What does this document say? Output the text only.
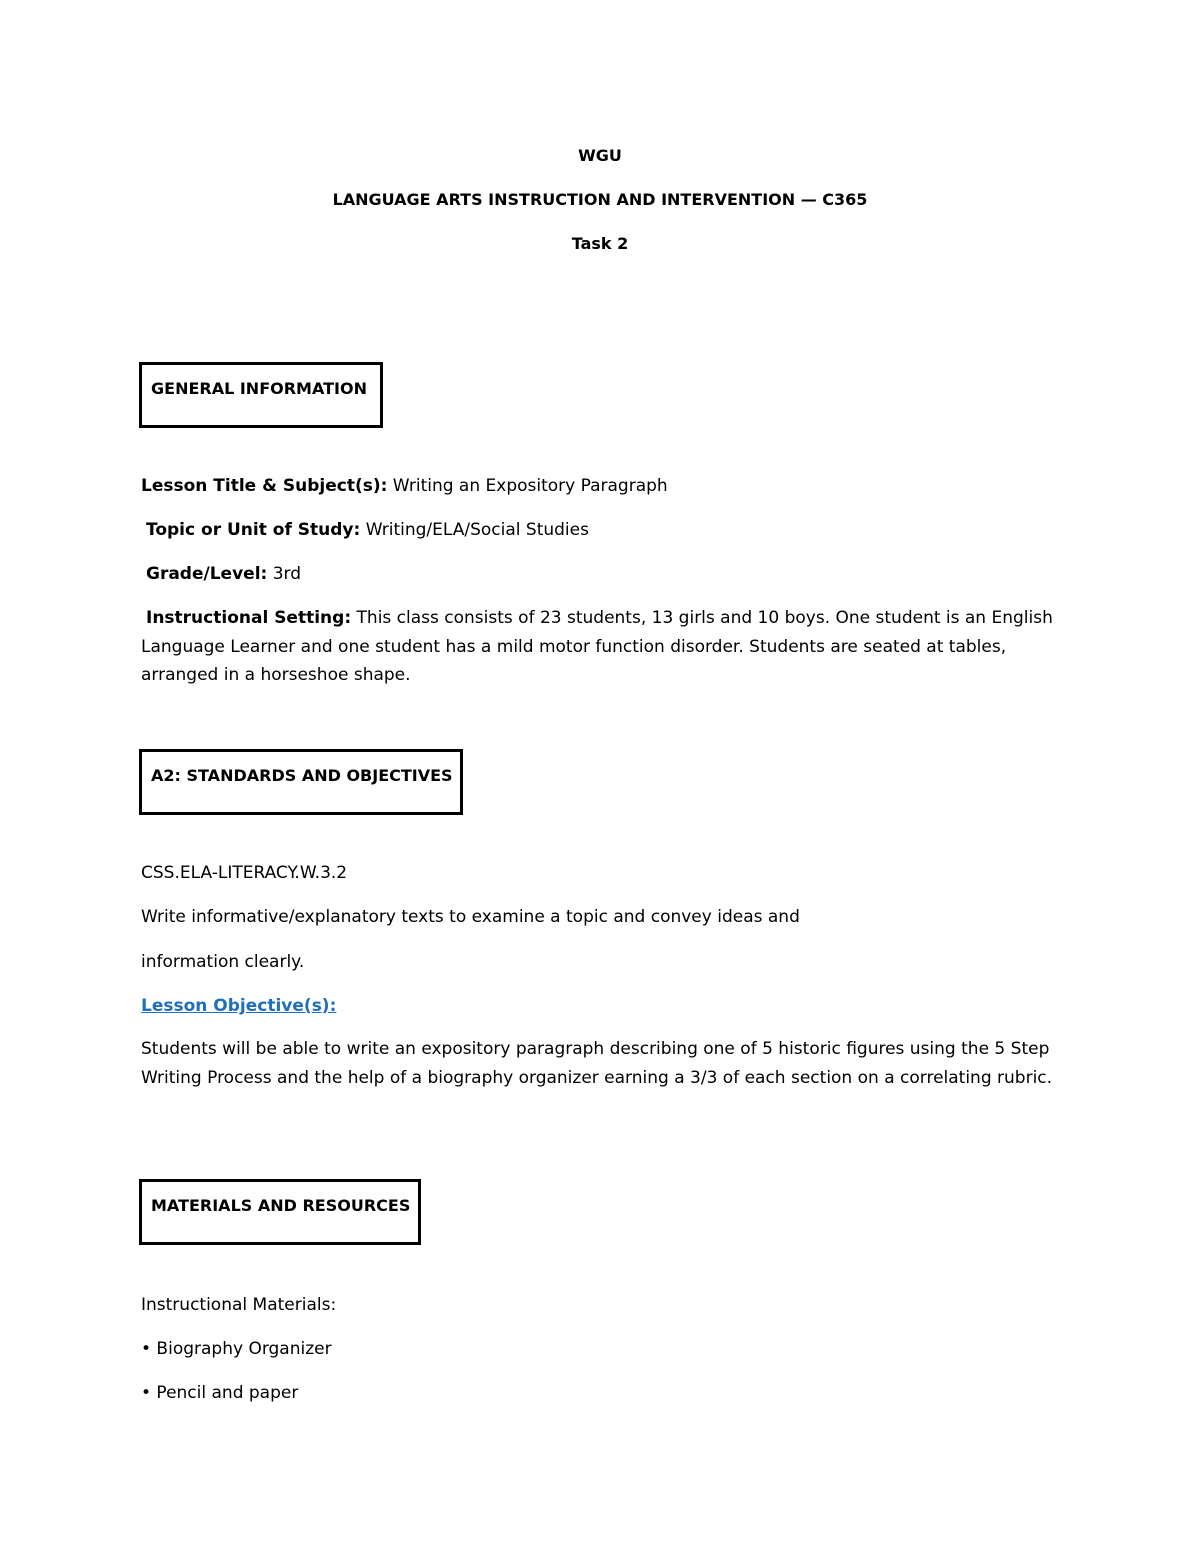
WGU
LANGUAGE ARTS INSTRUCTION AND INTERVENTION — C365
Task 2
GENERAL INFORMATION
Lesson Title & Subject(s): Writing an Expository Paragraph
Topic or Unit of Study: Writing/ELA/Social Studies
Grade/Level: 3rd
Instructional Setting: This class consists of 23 students, 13 girls and 10 boys. One student is an English Language Learner and one student has a mild motor function disorder. Students are seated at tables, arranged in a horseshoe shape.
A2: STANDARDS AND OBJECTIVES
CSS.ELA-LITERACY.W.3.2
Write informative/explanatory texts to examine a topic and convey ideas and
information clearly.
Lesson Objective(s):
Students will be able to write an expository paragraph describing one of 5 historic figures using the 5 Step Writing Process and the help of a biography organizer earning a 3/3 of each section on a correlating rubric.
MATERIALS AND RESOURCES
Instructional Materials:
• Biography Organizer
• Pencil and paper
